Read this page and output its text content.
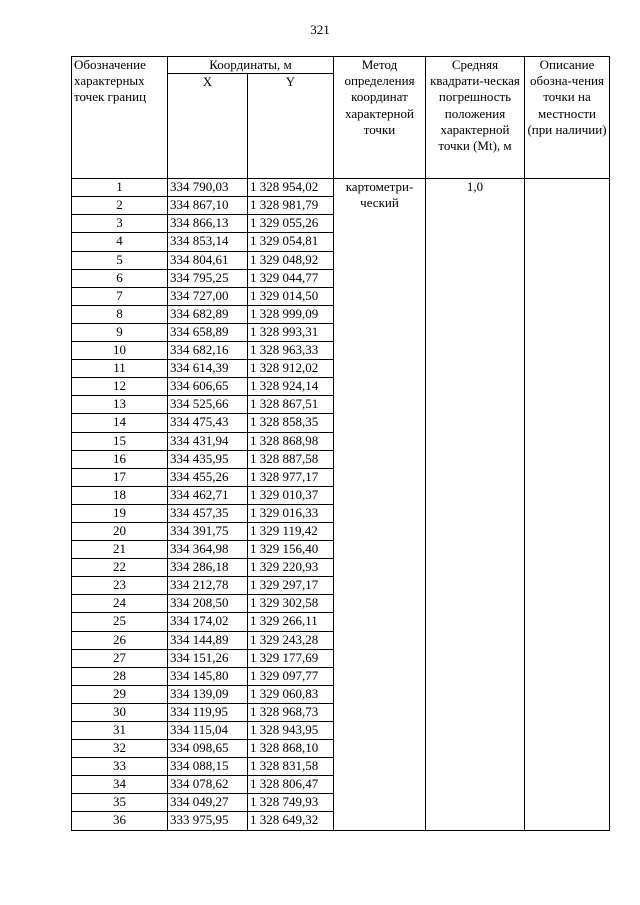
321
Обозначение характерных точек границ	Координаты, м		Метод определения координат характерной точки	Средняя квадрати-ческая погрешность положения характерной точки (Mt), м	Описание обозна-чения точки на местности (при наличии)
	X	Y			
1	334 790,03	1 328 954,02	картометри-ческий	1,0	
2	334 867,10	1 328 981,79			
3	334 866,13	1 329 055,26			
4	334 853,14	1 329 054,81			
5	334 804,61	1 329 048,92			
6	334 795,25	1 329 044,77			
7	334 727,00	1 329 014,50			
8	334 682,89	1 328 999,09			
9	334 658,89	1 328 993,31			
10	334 682,16	1 328 963,33			
11	334 614,39	1 328 912,02			
12	334 606,65	1 328 924,14			
13	334 525,66	1 328 867,51			
14	334 475,43	1 328 858,35			
15	334 431,94	1 328 868,98			
16	334 435,95	1 328 887,58			
17	334 455,26	1 328 977,17			
18	334 462,71	1 329 010,37			
19	334 457,35	1 329 016,33			
20	334 391,75	1 329 119,42			
21	334 364,98	1 329 156,40			
22	334 286,18	1 329 220,93			
23	334 212,78	1 329 297,17			
24	334 208,50	1 329 302,58			
25	334 174,02	1 329 266,11			
26	334 144,89	1 329 243,28			
27	334 151,26	1 329 177,69			
28	334 145,80	1 329 097,77			
29	334 139,09	1 329 060,83			
30	334 119,95	1 328 968,73			
31	334 115,04	1 328 943,95			
32	334 098,65	1 328 868,10			
33	334 088,15	1 328 831,58			
34	334 078,62	1 328 806,47			
35	334 049,27	1 328 749,93			
36	333 975,95	1 328 649,32			
